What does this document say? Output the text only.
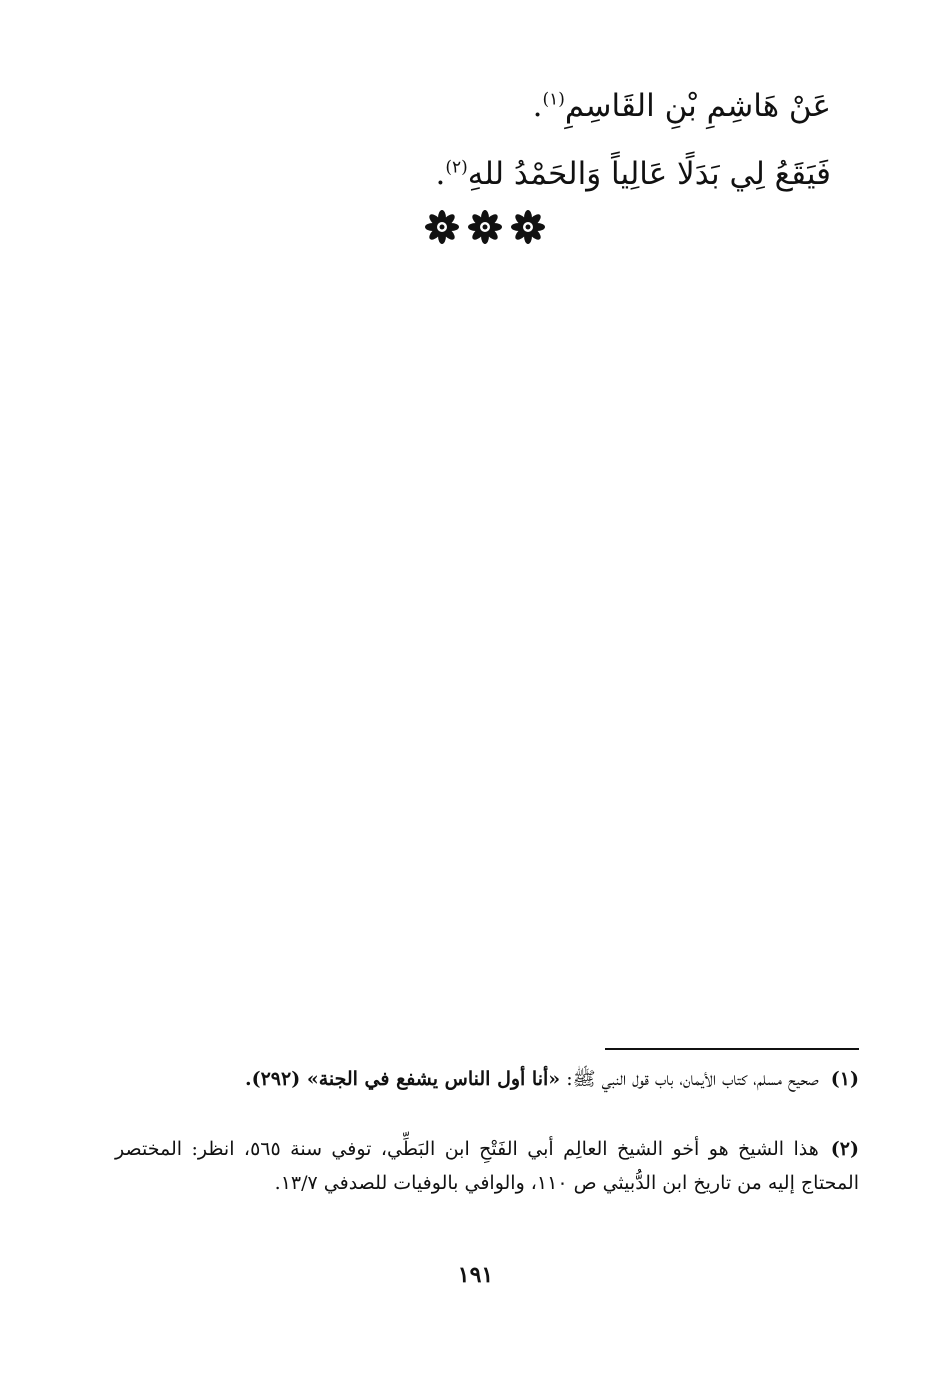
عَنْ هَاشِمِ بْنِ القَاسِمِ$^{(١)}$.
فَيَقَعُ لِي بَدَلًا عَالِياً وَالحَمْدُ للهِ$^{(٢)}$.
(١)صحيح مسلم، كتاب الأيمان، باب قول النبي ﷺ: «أنا أول الناس يشفع في الجنة» (٢٩٢).
(٢)هذا الشيخ هو أخو الشيخ العالِم أبي الفَتْحِ ابن البَطِّي، توفي سنة ٥٦٥، انظر: المختصر المحتاج إليه من تاريخ ابن الدُّبيثي ص ١١٠، والوافي بالوفيات للصدفي ١٣/٧.
١٩١
